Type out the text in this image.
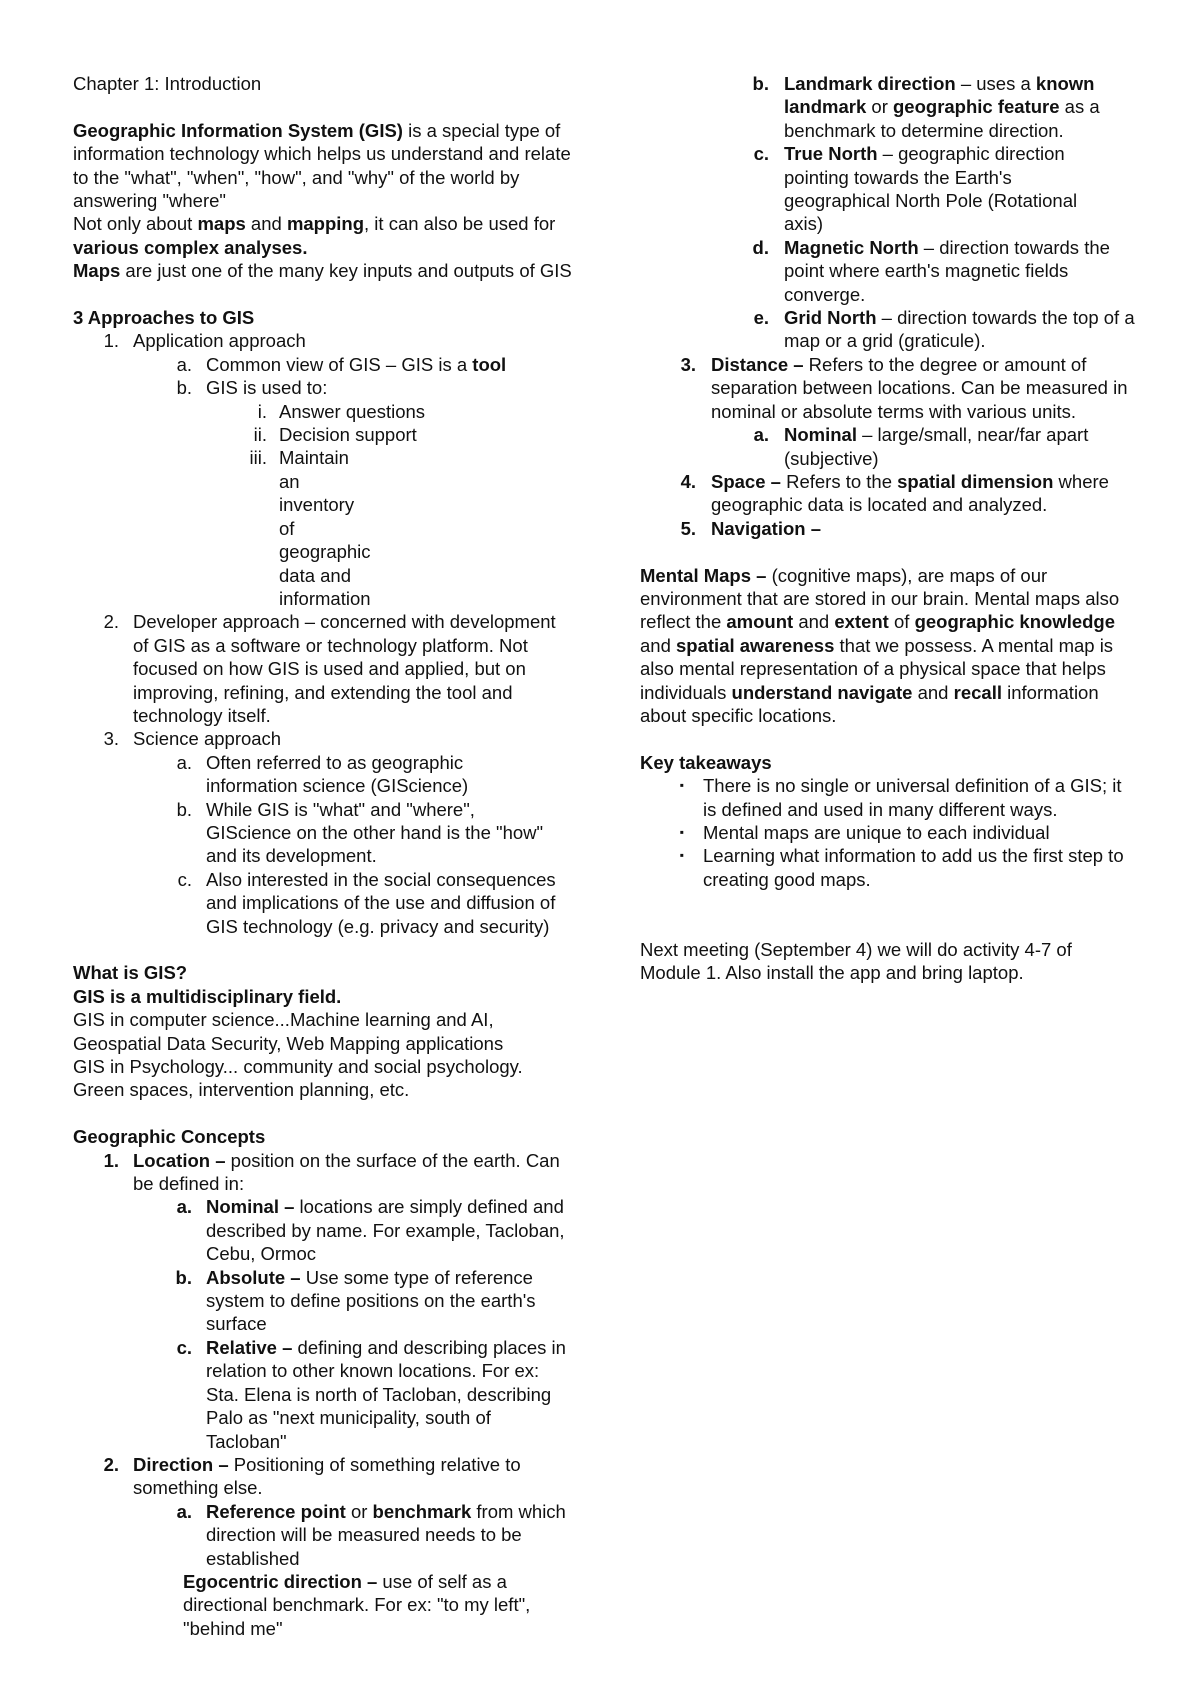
Chapter 1: Introduction

Geographic Information System (GIS) is a special type of information technology which helps us understand and relate to the "what", "when", "how", and "why" of the world by answering "where"

Not only about maps and mapping, it can also be used for various complex analyses.

Maps are just one of the many key inputs and outputs of GIS

3 Approaches to GIS

1. Application approach
a. Common view of GIS – GIS is a tool
b. GIS is used to:
i. Answer questions
ii. Decision support
iii. Maintain an inventory of geographic data and information
2. Developer approach – concerned with development of GIS as a software or technology platform. Not focused on how GIS is used and applied, but on improving, refining, and extending the tool and technology itself.
3. Science approach
a. Often referred to as geographic information science (GIScience)
b. While GIS is "what" and "where", GIScience on the other hand is the "how" and its development.
c. Also interested in the social consequences and implications of the use and diffusion of GIS technology (e.g. privacy and security)

What is GIS?

GIS is a multidisciplinary field.

GIS in computer science...Machine learning and AI, Geospatial Data Security, Web Mapping applications

GIS in Psychology... community and social psychology. Green spaces, intervention planning, etc.

Geographic Concepts

1. Location – position on the surface of the earth. Can be defined in:
a. Nominal – locations are simply defined and described by name. For example, Tacloban, Cebu, Ormoc
b. Absolute – Use some type of reference system to define positions on the earth's surface
c. Relative – defining and describing places in relation to other known locations. For ex: Sta. Elena is north of Tacloban, describing Palo as "next municipality, south of Tacloban"
2. Direction – Positioning of something relative to something else.
a. Reference point or benchmark from which direction will be measured needs to be established

Egocentric direction – use of self as a directional benchmark. For ex: "to my left", "behind me"

b. Landmark direction – uses a known landmark or geographic feature as a benchmark to determine direction.
c. True North – geographic direction pointing towards the Earth's geographical North Pole (Rotational axis)
d. Magnetic North – direction towards the point where earth's magnetic fields converge.
e. Grid North – direction towards the top of a map or a grid (graticule).
3. Distance – Refers to the degree or amount of separation between locations. Can be measured in nominal or absolute terms with various units.
a. Nominal – large/small, near/far apart (subjective)
4. Space – Refers to the spatial dimension where geographic data is located and analyzed.
5. Navigation –

Mental Maps – (cognitive maps), are maps of our environment that are stored in our brain. Mental maps also reflect the amount and extent of geographic knowledge and spatial awareness that we possess. A mental map is also mental representation of a physical space that helps individuals understand navigate and recall information about specific locations.

Key takeaways

▪	There is no single or universal definition of a GIS; it is defined and used in many different ways.
▪	Mental maps are unique to each individual
▪	Learning what information to add us the first step to creating good maps.

Next meeting (September 4) we will do activity 4-7 of Module 1. Also install the app and bring laptop.
